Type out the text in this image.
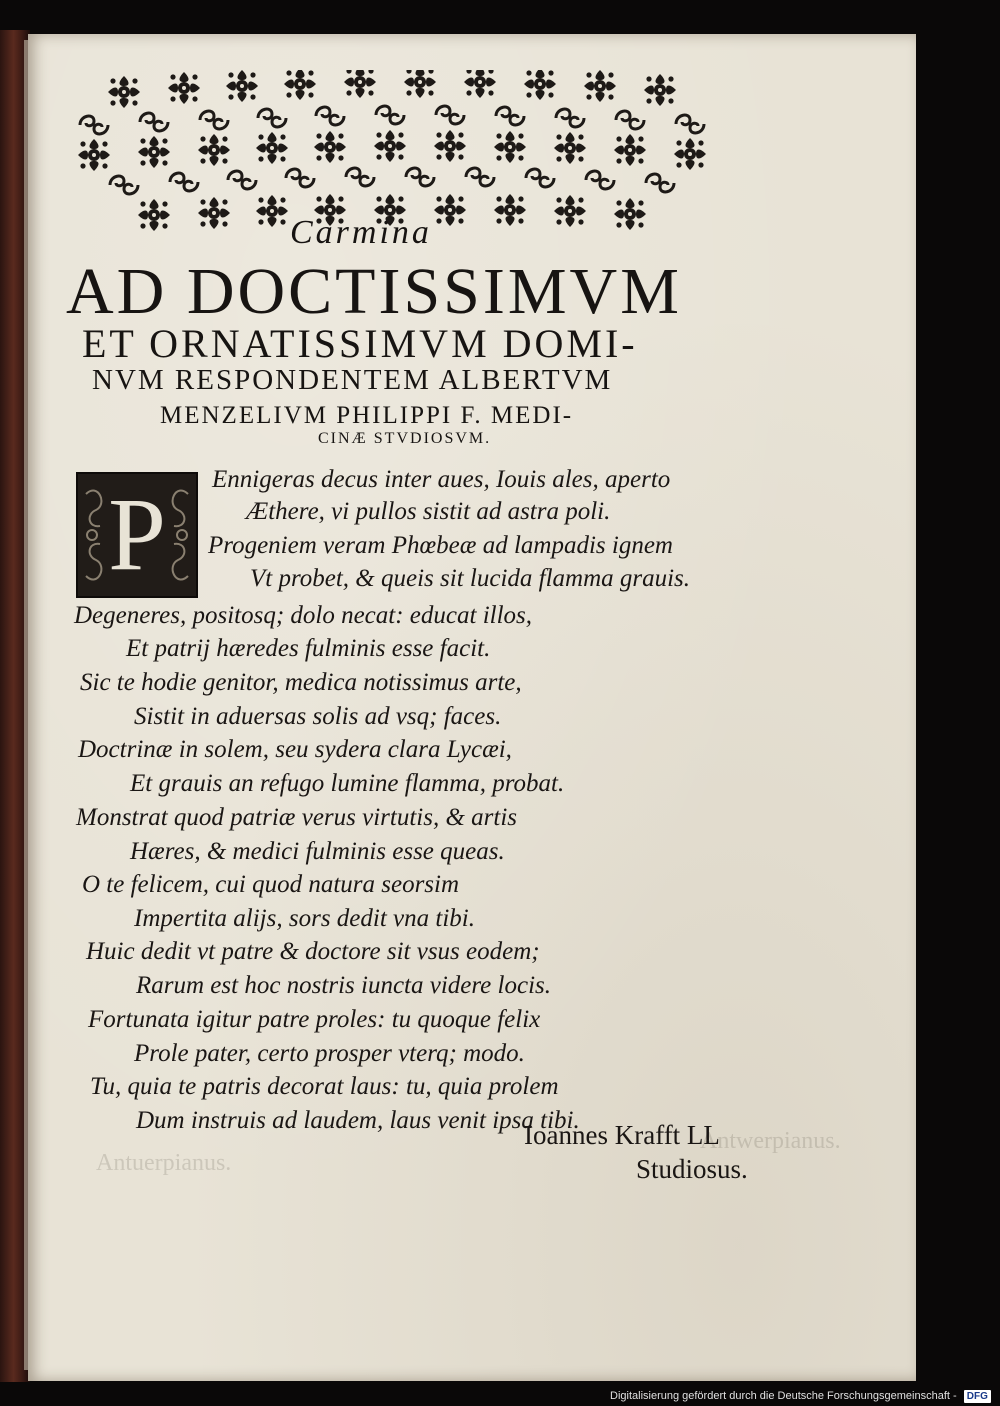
Antwerpianus.
Antuerpianus.
Carmina
AD DOCTISSIMVM
ET ORNATISSIMVM DOMI-
NVM RESPONDENTEM ALBERTVM
MENZELIVM PHILIPPI F. MEDI-
CINÆ STVDIOSVM.
P	Ennigeras decus inter aues, Iouis ales, aperto
Æthere, vi pullos sistit ad astra poli.
Progeniem veram Phœbeæ ad lampadis ignem
Vt probet, & queis sit lucida flamma grauis.
Degeneres, positosq; dolo necat: educat illos,
Et patrij hæredes fulminis esse facit.
Sic te hodie genitor, medica notissimus arte,
Sistit in aduersas solis ad vsq; faces.
Doctrinæ in solem, seu sydera clara Lycæi,
Et grauis an refugo lumine flamma, probat.
Monstrat quod patriæ verus virtutis, & artis
Hæres, & medici fulminis esse queas.
O te felicem, cui quod natura seorsim
Impertita alijs, sors dedit vna tibi.
Huic dedit vt patre & doctore sit vsus eodem;
Rarum est hoc nostris iuncta videre locis.
Fortunata igitur patre proles: tu quoque felix
Prole pater, certo prosper vterq; modo.
Tu, quia te patris decorat laus: tu, quia prolem
Dum instruis ad laudem, laus venit ipsa tibi.
Ioannes Krafft LL
Studiosus.
Digitalisierung gefördert durch die Deutsche Forschungsgemeinschaft - DFG
